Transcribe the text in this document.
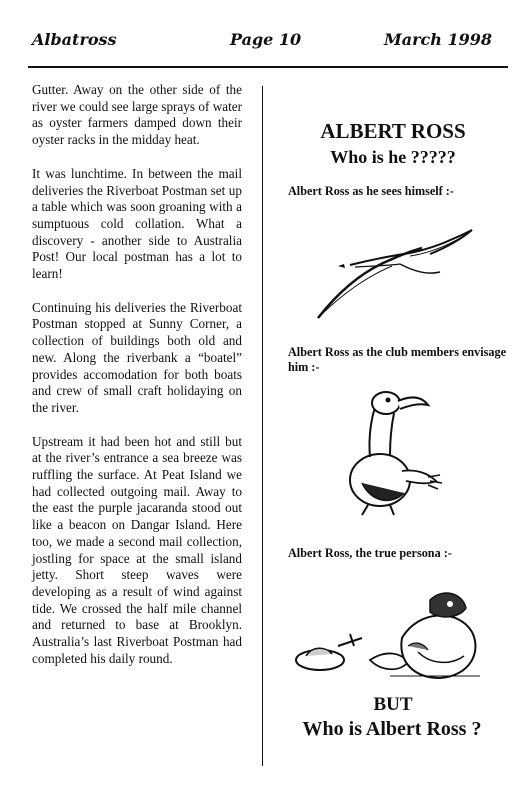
Albatross	Page 10	March 1998

Gutter. Away on the other side of the river we could see large sprays of water as oyster farmers damped down their oyster racks in the midday heat.

It was lunchtime. In between the mail deliveries the Riverboat Postman set up a table which was soon groaning with a sumptuous cold collation. What a discovery - another side to Australia Post! Our local postman has a lot to learn!

Continuing his deliveries the Riverboat Postman stopped at Sunny Corner, a collection of buildings both old and new. Along the riverbank a “boatel” provides accomodation for both boats and crew of small craft holidaying on the river.

Upstream it had been hot and still but at the river’s entrance a sea breeze was ruffling the surface. At Peat Island we had collected outgoing mail. Away to the east the purple jacaranda stood out like a beacon on Dangar Island. Here too, we made a second mail collection, jostling for space at the small island jetty. Short steep waves were developing as a result of wind against tide. We crossed the half mile channel and returned to base at Brooklyn. Australia’s last Riverboat Postman had completed his daily round.

ALBERT ROSS

Who is he ?????

Albert Ross as he sees himself :-
Albert Ross as the club members envisage him :-
Albert Ross, the true persona :-
BUT
Who is Albert Ross ?
